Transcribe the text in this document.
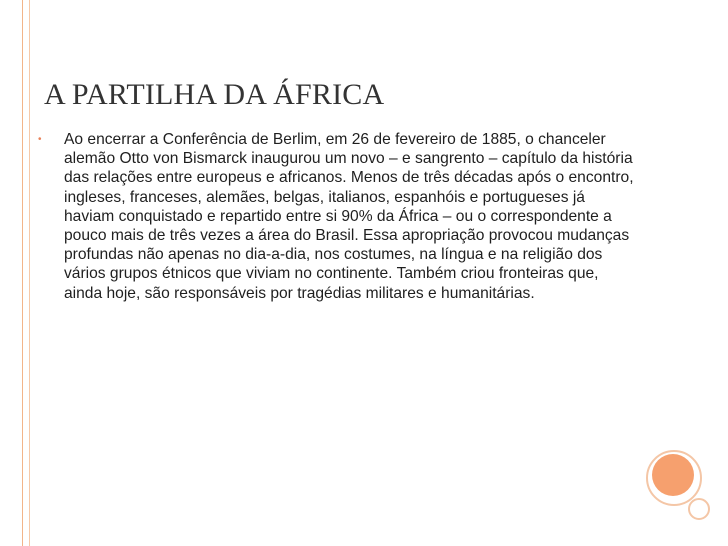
A PARTILHA DA ÁFRICA
•	Ao encerrar a Conferência de Berlim, em 26 de fevereiro de 1885, o chanceler alemão Otto von Bismarck inaugurou um novo – e sangrento – capítulo da história das relações entre europeus e africanos. Menos de três décadas após o encontro, ingleses, franceses, alemães, belgas, italianos, espanhóis e portugueses já haviam conquistado e repartido entre si 90% da África – ou o correspondente a pouco mais de três vezes a área do Brasil. Essa apropriação provocou mudanças profundas não apenas no dia-a-dia, nos costumes, na língua e na religião dos vários grupos étnicos que viviam no continente. Também criou fronteiras que, ainda hoje, são responsáveis por tragédias militares e humanitárias.
